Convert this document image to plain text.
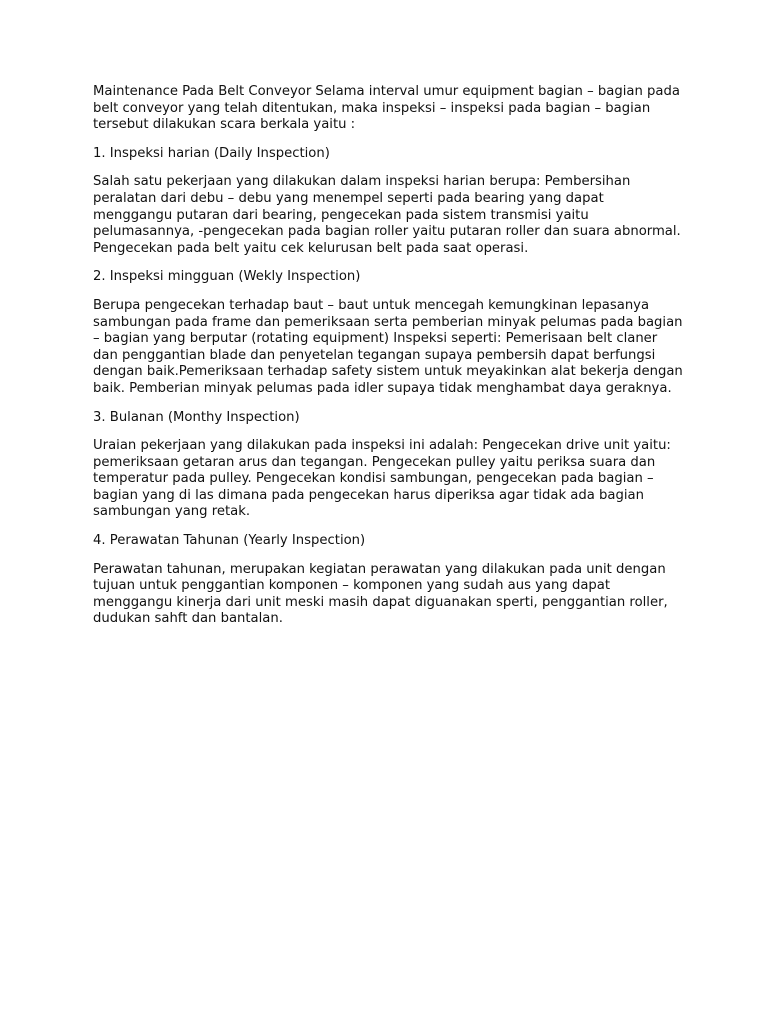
Maintenance Pada Belt Conveyor Selama interval umur equipment bagian – bagian pada belt conveyor yang telah ditentukan, maka inspeksi – inspeksi pada bagian – bagian tersebut dilakukan scara berkala yaitu :

1. Inspeksi harian (Daily Inspection)

Salah satu pekerjaan yang dilakukan dalam inspeksi harian berupa: Pembersihan peralatan dari debu – debu yang menempel seperti pada bearing yang dapat menggangu putaran dari bearing, pengecekan pada sistem transmisi yaitu pelumasannya, -pengecekan pada bagian roller yaitu putaran roller dan suara abnormal. Pengecekan pada belt yaitu cek kelurusan belt pada saat operasi.

2. Inspeksi mingguan (Wekly Inspection)

Berupa pengecekan terhadap baut – baut untuk mencegah kemungkinan lepasanya sambungan pada frame dan pemeriksaan serta pemberian minyak pelumas pada bagian – bagian yang berputar (rotating equipment) Inspeksi seperti: Pemerisaan belt claner dan penggantian blade dan penyetelan tegangan supaya pembersih dapat berfungsi dengan baik.Pemeriksaan terhadap safety sistem untuk meyakinkan alat bekerja dengan baik. Pemberian minyak pelumas pada idler supaya tidak menghambat daya geraknya.

3. Bulanan (Monthy Inspection)

Uraian pekerjaan yang dilakukan pada inspeksi ini adalah: Pengecekan drive unit yaitu: pemeriksaan getaran arus dan tegangan. Pengecekan pulley yaitu periksa suara dan temperatur pada pulley. Pengecekan kondisi sambungan, pengecekan pada bagian – bagian yang di las dimana pada pengecekan harus diperiksa agar tidak ada bagian sambungan yang retak.

4. Perawatan Tahunan (Yearly Inspection)

Perawatan tahunan, merupakan kegiatan perawatan yang dilakukan pada unit dengan tujuan untuk penggantian komponen – komponen yang sudah aus yang dapat menggangu kinerja dari unit meski masih dapat diguanakan sperti, penggantian roller, dudukan sahft dan bantalan.
